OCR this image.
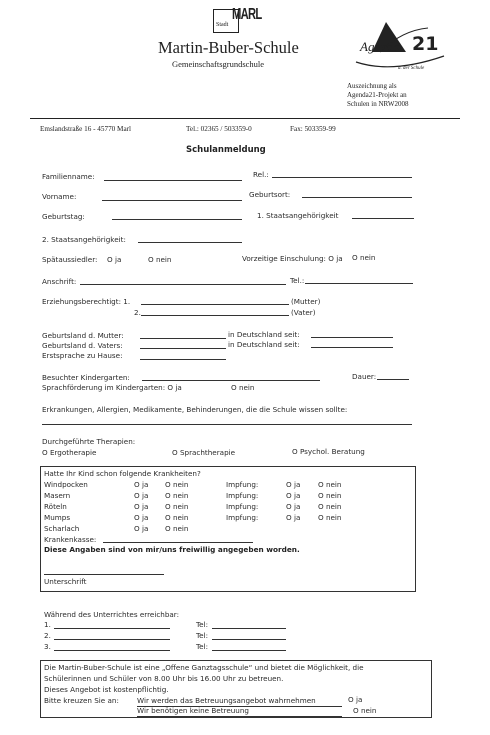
Stadt
MARL
Martin-Buber-Schule
Gemeinschaftsgrundschule
Agenda 21
a. der Schule
Auszeichnung als
Agenda21-Projekt an
Schulen in NRW2008
Emslandstraße 16 - 45770 Marl	Tel.: 02365 / 503359-0	Fax: 503359-99
Schulanmeldung
Familienname:	Rel.:
Vorname:	Geburtsort:
Geburtstag:	1. Staatsangehörigkeit
2. Staatsangehörigkeit:
Spätaussiedler: O ja	O nein	Vorzeitige Einschulung: O ja O nein
Anschrift:	Tel.:
Erziehungsberechtigt: 1.	(Mutter)
2.	(Vater)
Geburtsland d. Mutter:	in Deutschland seit:
Geburtsland d. Vaters:	in Deutschland seit:
Erstsprache zu Hause:
Besuchter Kindergarten:	Dauer:
Sprachförderung im Kindergarten: O ja	O nein
Erkrankungen, Allergien, Medikamente, Behinderungen, die die Schule wissen sollte:
Durchgeführte Therapien:
O Ergotherapie	O Sprachtherapie	O Psychol. Beratung
Hatte Ihr Kind schon folgende Krankheiten?
Windpocken	O ja O nein	Impfung:	O ja O nein
Masern	O ja O nein	Impfung:	O ja O nein
Röteln	O ja O nein	Impfung:	O ja O nein
Mumps	O ja O nein	Impfung:	O ja O nein
Scharlach	O ja O nein
Krankenkasse:
Diese Angaben sind von mir/uns freiwillig angegeben worden.
Unterschrift
Während des Unterrichtes erreichbar:
1.	Tel:
2.	Tel:
3.	Tel:
Die Martin-Buber-Schule ist eine „Offene Ganztagsschule“ und bietet die Möglichkeit, die
Schülerinnen und Schüler von 8.00 Uhr bis 16.00 Uhr zu betreuen.
Dieses Angebot ist kostenpflichtig.
Bitte kreuzen Sie an:	Wir werden das Betreuungsangebot wahrnehmen	O ja
Wir benötigen keine Betreuung	O nein
